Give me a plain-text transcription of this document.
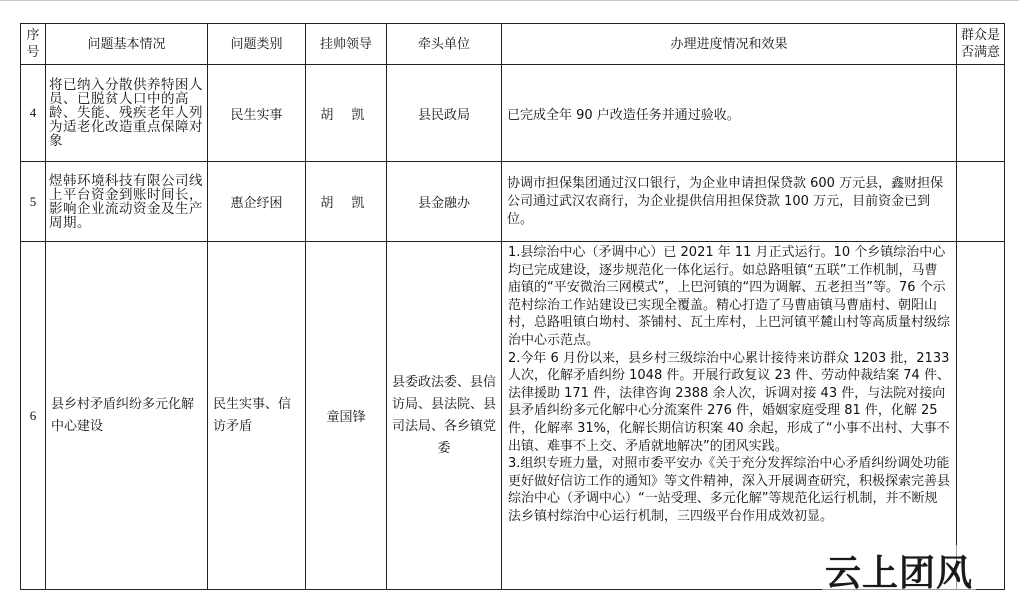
序号	问题基本情况	问题类别	挂帅领导	牵头单位	办理进度情况和效果	群众是否满意
4	将已纳入分散供养特困人员、已脱贫人口中的高龄、失能、残疾老年人列为适老化改造重点保障对象	民生实事	胡 凯	县民政局	已完成全年 90 户改造任务并通过验收。	
5	煜韩环境科技有限公司线上平台资金到账时间长，影响企业流动资金及生产周期。	惠企纾困	胡 凯	县金融办	协调市担保集团通过汉口银行，为企业申请担保贷款 600 万元县，鑫财担保公司通过武汉农商行，为企业提供信用担保贷款 100 万元，目前资金已到位。	
6	县乡村矛盾纠纷多元化解中心建设	民生实事、信访矛盾	童国锋	县委政法委、县信访局、县法院、县司法局、各乡镇党委	1.县综治中心（矛调中心）已 2021 年 11 月正式运行。10 个乡镇综治中心均已完成建设，逐步规范化一体化运行。如总路咀镇“五联”工作机制，马曹庙镇的“平安微治三网模式”，上巴河镇的“四为调解、五老担当”等。76 个示范村综治工作站建设已实现全覆盖。精心打造了马曹庙镇马曹庙村、朝阳山村，总路咀镇白坳村、茶铺村、瓦土库村，上巴河镇平麓山村等高质量村级综治中心示范点。

2.今年 6 月份以来，县乡村三级综治中心累计接待来访群众 1203 批，2133 人次，化解矛盾纠纷 1048 件。开展行政复议 23 件、劳动仲裁结案 74 件、法律援助 171 件，法律咨询 2388 余人次，诉调对接 43 件，与法院对接向县矛盾纠纷多元化解中心分流案件 276 件，婚姻家庭受理 81 件，化解 25 件，化解率 31%，化解长期信访积案 40 余起，形成了“小事不出村、大事不出镇、难事不上交、矛盾就地解决”的团风实践。

3.组织专班力量，对照市委平安办《关于充分发挥综治中心矛盾纠纷调处功能更好做好信访工作的通知》等文件精神，深入开展调查研究，积极探索完善县综治中心（矛调中心）“一站受理、多元化解”等规范化运行机制，并不断规法乡镇村综治中心运行机制，三四级平台作用成效初显。	

云上团风
